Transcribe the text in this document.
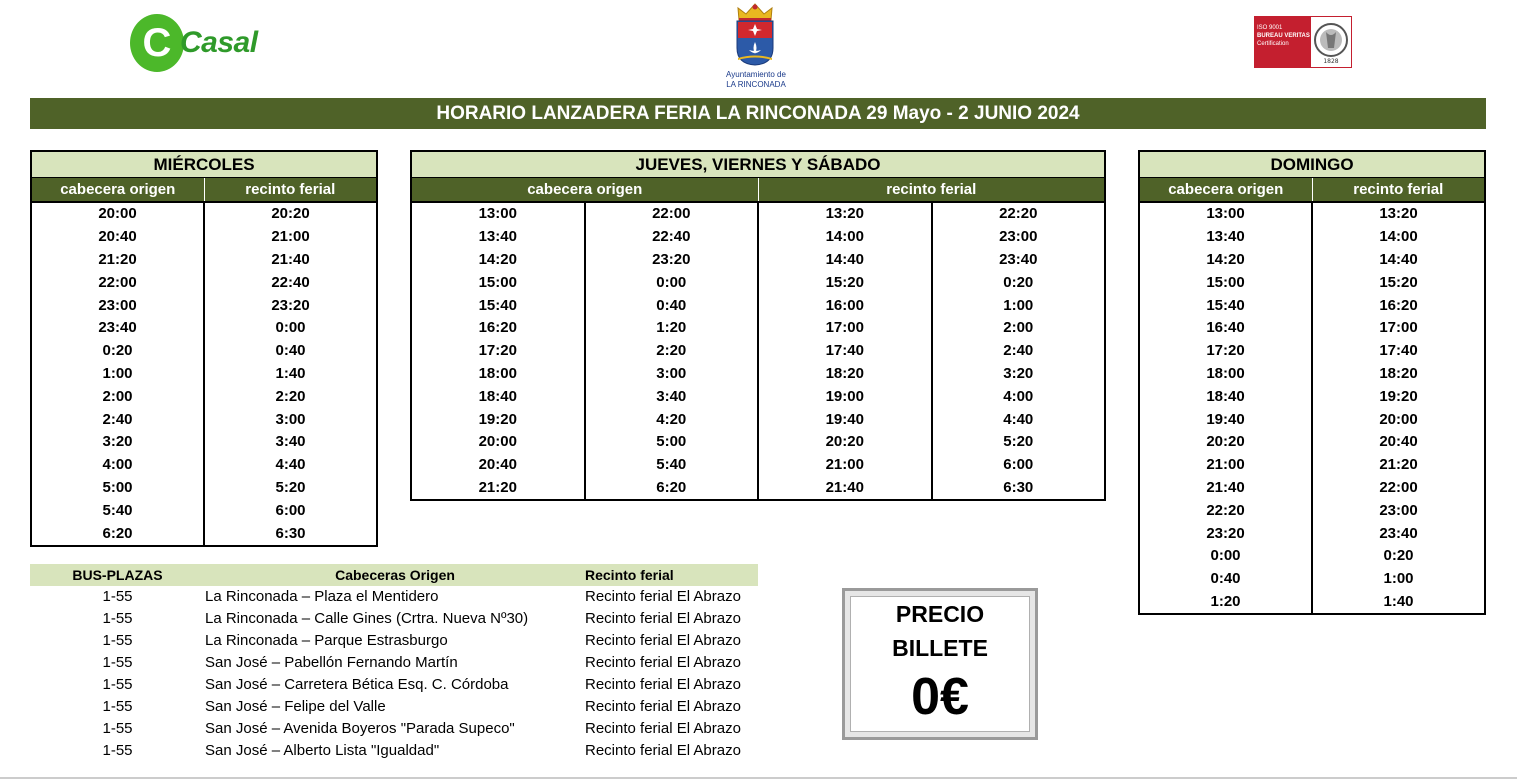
C Casal
Ayuntamiento de
LA RINCONADA
ISO 9001
BUREAU VERITAS
Certification
1828
HORARIO LANZADERA FERIA LA RINCONADA 29 Mayo - 2 JUNIO 2024
MIÉRCOLES	
cabecera origen	recinto ferial
20:00	20:20
20:40	21:00
21:20	21:40
22:00	22:40
23:00	23:20
23:40	0:00
0:20	0:40
1:00	1:40
2:00	2:20
2:40	3:00
3:20	3:40
4:00	4:40
5:00	5:20
5:40	6:00
6:20	6:30
JUEVES, VIERNES Y SÁBADO			
cabecera origen		recinto ferial	
13:00	22:00	13:20	22:20
13:40	22:40	14:00	23:00
14:20	23:20	14:40	23:40
15:00	0:00	15:20	0:20
15:40	0:40	16:00	1:00
16:20	1:20	17:00	2:00
17:20	2:20	17:40	2:40
18:00	3:00	18:20	3:20
18:40	3:40	19:00	4:00
19:20	4:20	19:40	4:40
20:00	5:00	20:20	5:20
20:40	5:40	21:00	6:00
21:20	6:20	21:40	6:30
DOMINGO	
cabecera origen	recinto ferial
13:00	13:20
13:40	14:00
14:20	14:40
15:00	15:20
15:40	16:20
16:40	17:00
17:20	17:40
18:00	18:20
18:40	19:20
19:40	20:00
20:20	20:40
21:00	21:20
21:40	22:00
22:20	23:00
23:20	23:40
0:00	0:20
0:40	1:00
1:20	1:40
BUS-PLAZAS	Cabeceras Origen	Recinto ferial
1-55	La Rinconada – Plaza el Mentidero	Recinto ferial El Abrazo
1-55	La Rinconada – Calle Gines (Crtra. Nueva Nº30)	Recinto ferial El Abrazo
1-55	La Rinconada – Parque Estrasburgo	Recinto ferial El Abrazo
1-55	San José – Pabellón Fernando Martín	Recinto ferial El Abrazo
1-55	San José – Carretera Bética Esq. C. Córdoba	Recinto ferial El Abrazo
1-55	San José – Felipe del Valle	Recinto ferial El Abrazo
1-55	San José – Avenida Boyeros "Parada Supeco"	Recinto ferial El Abrazo
1-55	San José – Alberto Lista "Igualdad"	Recinto ferial El Abrazo
PRECIO
BILLETE
0€
